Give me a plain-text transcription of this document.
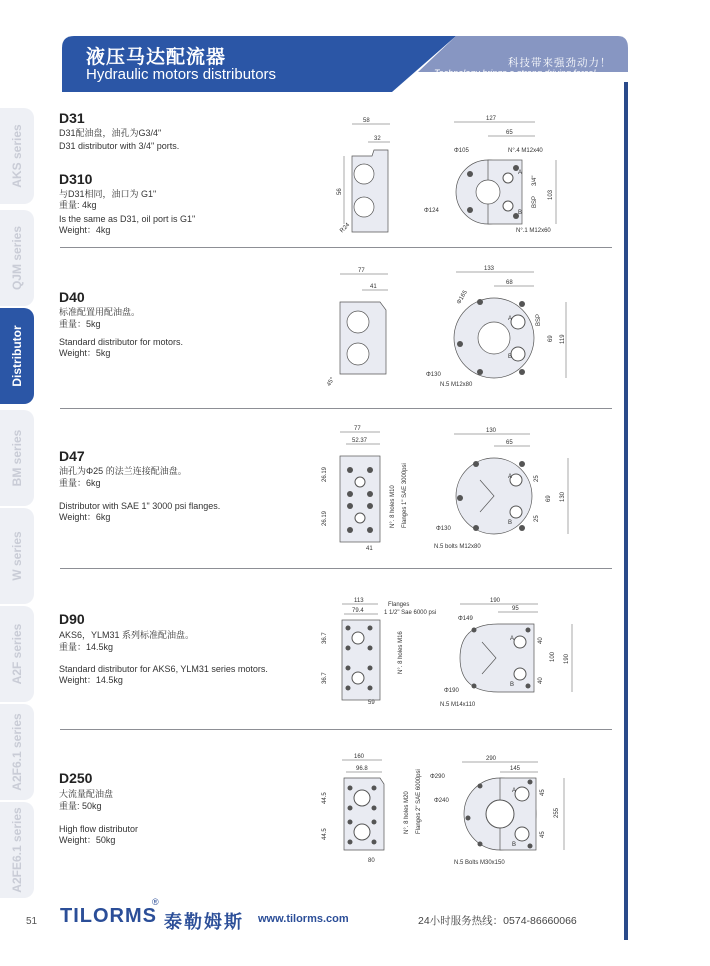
液压马达配流器
Hydraulic motors distributors
科技带来强劲动力！
Technology brings a strong driving force!
AKS series
QJM series
Distributor
BM series
W series
A2F series
A2F6.1 series
A2FE6.1 series
D31
D31配油盘，油孔为G3/4"
D31 distributor with 3/4" ports.
D310
与D31相同，油口为 G1"
重量: 4kg
Is the same as D31, oil port is G1"
Weight：4kg
58
32
56
R24
127
65
Φ105	N°.4 M12x40
A
B
3/4"
BSP
103
Φ124
N°.1 M12x60
D40
标准配置用配油盘。
重量：5kg
Standard distributor for motors.
Weight：5kg
77
41
45°
133
68
Φ165
A
B
BSP
69 119
Φ130
N.5 M12x80
D47
油孔为Φ25 的法兰连接配油盘。
重量：6kg
Distributor with SAE 1" 3000 psi flanges.
Weight：6kg
77
52.37
26.19
26.19	N°. 8 holes M10 Flanges 1" SAE 3000psi
41
130
65
A
B
25
69 130
25
Φ130
N.5 bolts M12x80
D90
AKS6，YLM31 系列标准配油盘。
重量：14.5kg
Standard distributor for AKS6, YLM31 series motors.
Weight：14.5kg
113
79.4
36.7
36.7
Flanges
1 1/2" Sae 6000 psi
N°. 8 holes M16
59
190
95
Φ149
A
B
40
100 190
40
Φ190
N.5 M14x110
D250
大流量配油盘
重量: 50kg
High flow distributor
Weight：50kg
160
96.8
44.5
44.5
N°. 8 holes M20 Flanges 2" SAE 6000psi
80
290
145
Φ290
Φ240
A
B
45
255
45
N.5 Bolts M30x150
51 TILORMS
®
泰勒姆斯 www.tilorms.com	24小时服务热线：0574-86660066
